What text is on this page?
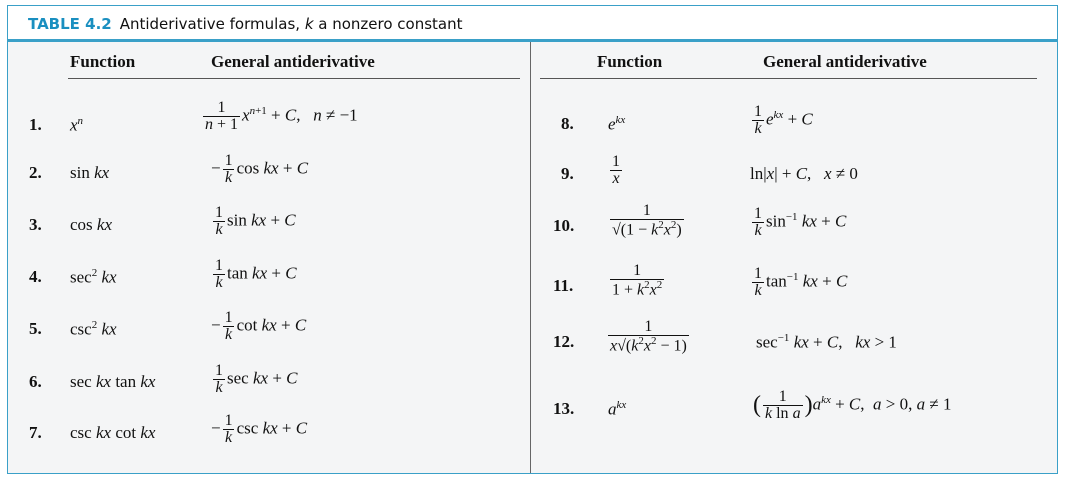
TABLE 4.2 Antiderivative formulas, k a nonzero constant
Function	General antiderivative	Function	General antiderivative
1. $x^n$	$\frac{1}{n + 1} x^{n+1} + C$,   n ≠ −1
2. sin kx	− $\frac{1}{k}$ cos kx + C
3. cos kx	$\frac{1}{k}$ sin kx + C
4. $\sec^2$ kx	$\frac{1}{k}$ tan kx + C
5. $\csc^2$ kx	− $\frac{1}{k}$ cot kx + C
6. sec kx tan kx	$\frac{1}{k}$ sec kx + C
7. csc kx cot kx	− $\frac{1}{k}$ csc kx + C
8. $e^{kx}$	$\frac{1}{k} e^{kx} + C$
9. $\frac{1}{x}$	ln|x| + C,   x ≠ 0
10. $\frac{1}{√(1 - k^2x^2)}$	$\frac{1}{k} \sin^{-1}$ kx + C
11. $\frac{1}{1 + k^2x^2}$	$\frac{1}{k} \tan^{-1}$ kx + C
12. $\frac{1}{x√(k^2x^2 - 1)}$	$\sec^{-1}$ kx + C,   kx > 1
13. $a^{kx}$	( $\frac{1}{\text{k ln a}} )a^{kx} + C$,  a > 0, a ≠ 1
